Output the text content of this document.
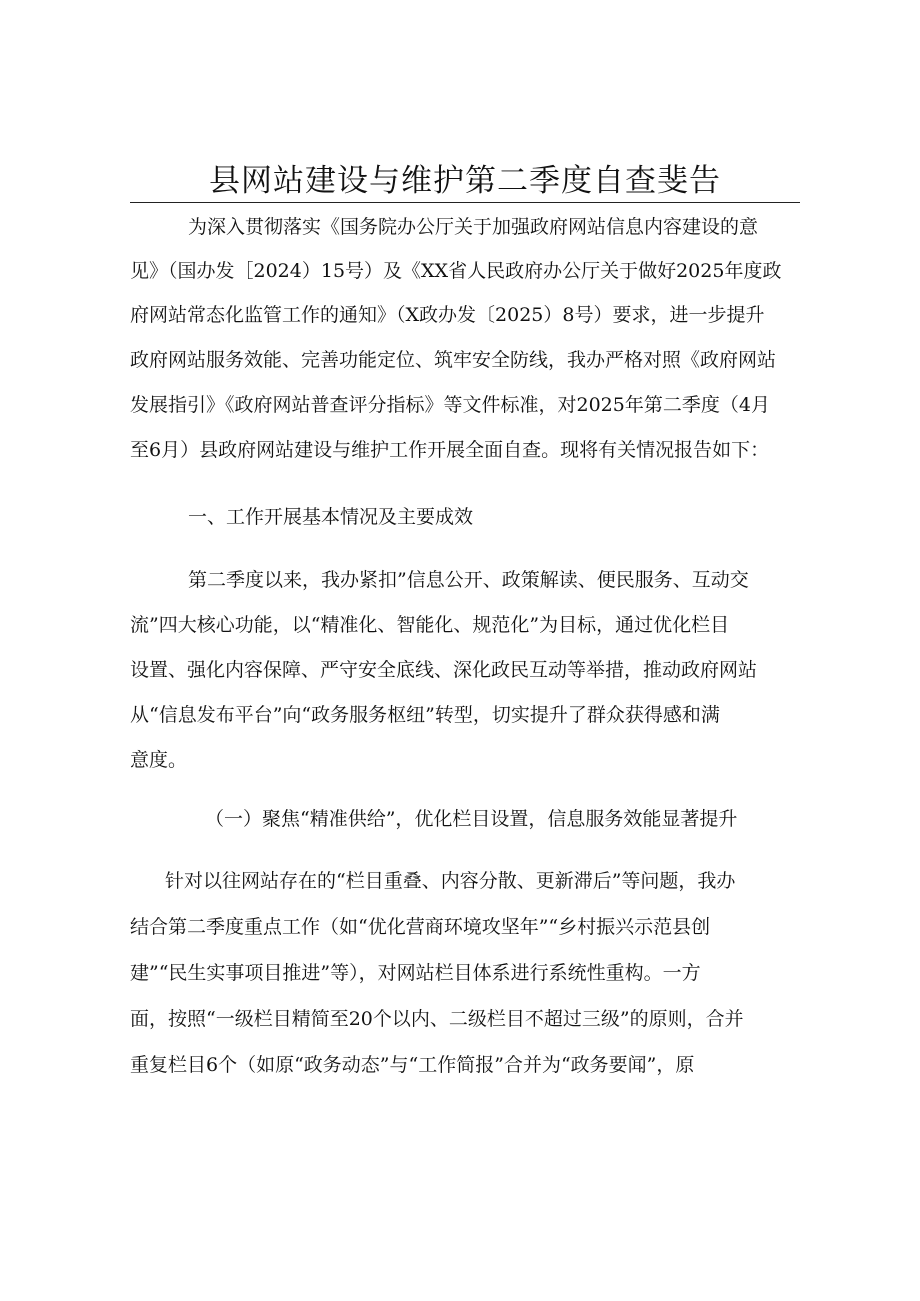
县网站建设与维护第二季度自查斐告
为深入贯彻落实《国务院办公厅关于加强政府网站信息内容建设的意
见》（国办发［2024）15号）及《XX省人民政府办公厅关于做好2025年度政
府网站常态化监管工作的通知》（X政办发〔2025）8号）要求，进一步提升
政府网站服务效能、完善功能定位、筑牢安全防线，我办严格对照《政府网站
发展指引》《政府网站普查评分指标》等文件标准，对2025年第二季度（4月
至6月）县政府网站建设与维护工作开展全面自查。现将有关情况报告如下：
一、工作开展基本情况及主要成效
第二季度以来，我办紧扣”信息公开、政策解读、便民服务、互动交
流”四大核心功能，以“精准化、智能化、规范化”为目标，通过优化栏目
设置、强化内容保障、严守安全底线、深化政民互动等举措，推动政府网站
从“信息发布平台”向“政务服务枢纽”转型，切实提升了群众获得感和满
意度。
（一）聚焦“精准供给”，优化栏目设置，信息服务效能显著提升
针对以往网站存在的“栏目重叠、内容分散、更新滞后”等问题，我办
结合第二季度重点工作（如“优化营商环境攻坚年”“乡村振兴示范县创
建”“民生实事项目推进”等），对网站栏目体系进行系统性重构。一方
面，按照“一级栏目精简至20个以内、二级栏目不超过三级”的原则，合并
重复栏目6个（如原“政务动态”与“工作简报”合并为“政务要闻”，原
